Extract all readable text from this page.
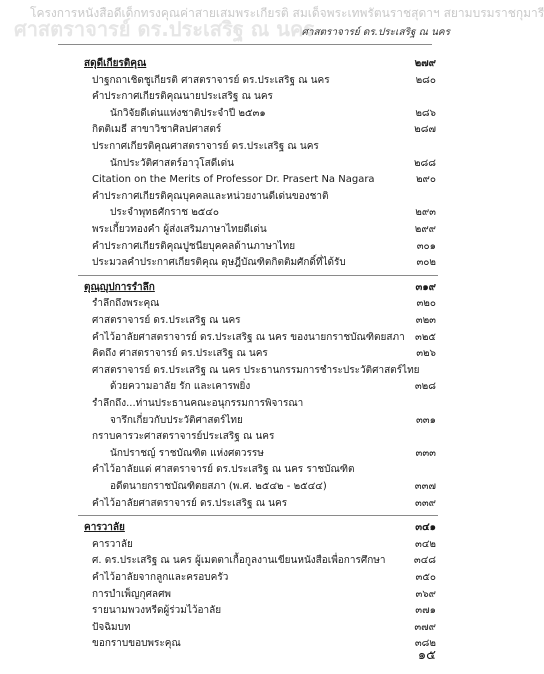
ศาสตราจารย์ ดร.ประเสริฐ ณ นคร
โครงการหนังสือดีเด็กทรงคุณค่าสายเสมพระเกียรติ สมเด็จพระเทพรัตนราชสุดาฯ สยามบรมราชกุมารี
ศาสตราจารย์ ดร.ประเสริฐ ณ นคร
สดุดีเกียรติคุณ	๒๗๙
ปาฐกถาเชิดชูเกียรติ ศาสตราจารย์ ดร.ประเสริฐ ณ นคร	๒๘๐
คำประกาศเกียรติคุณนายประเสริฐ ณ นคร
นักวิจัยดีเด่นแห่งชาติประจำปี ๒๕๓๑	๒๘๖
กิตติเมธี สาขาวิชาศิลปศาสตร์	๒๘๗
ประกาศเกียรติคุณศาสตราจารย์ ดร.ประเสริฐ ณ นคร
นักประวัติศาสตร์อาวุโสดีเด่น	๒๘๘
Citation on the Merits of Professor Dr. Prasert Na Nagara	๒๙๐
คำประกาศเกียรติคุณบุคคลและหน่วยงานดีเด่นของชาติ
ประจำพุทธศักราช ๒๕๔๐	๒๙๓
พระเกี้ยวทองคำ ผู้ส่งเสริมภาษาไทยดีเด่น	๒๙๙
คำประกาศเกียรติคุณปูชนียบุคคลด้านภาษาไทย	๓๐๑
ประมวลคำประกาศเกียรติคุณ ดุษฎีบัณฑิตกิตติมศักดิ์ที่ได้รับ	๓๐๒
ตุณฺญุปการรำลึก	๓๑๙
รำลึกถึงพระคุณ	๓๒๐
ศาสตราจารย์ ดร.ประเสริฐ ณ นคร	๓๒๓
คำไว้อาลัยศาสตราจารย์ ดร.ประเสริฐ ณ นคร ของนายกราชบัณฑิตยสภา ๓๒๕
คิดถึง ศาสตราจารย์ ดร.ประเสริฐ ณ นคร	๓๒๖
ศาสตราจารย์ ดร.ประเสริฐ ณ นคร ประธานกรรมการชำระประวัติศาสตร์ไทย
ด้วยความอาลัย รัก และเคารพยิ่ง	๓๒๘
รำลึกถึง...ท่านประธานคณะอนุกรรมการพิจารณา
จารึกเกี่ยวกับประวัติศาสตร์ไทย	๓๓๑
กราบคารวะศาสตราจารย์ประเสริฐ ณ นคร
นักปราชญ์ ราชบัณฑิต แห่งศตวรรษ	๓๓๓
คำไว้อาลัยแด่ ศาสตราจารย์ ดร.ประเสริฐ ณ นคร ราชบัณฑิต
อดีตนายกราชบัณฑิตยสภา (พ.ศ. ๒๕๔๒ - ๒๕๔๔)	๓๓๗
คำไว้อาลัยศาสตราจารย์ ดร.ประเสริฐ ณ นคร	๓๓๙
คารวาลัย	๓๔๑
คารวาลัย	๓๔๒
ศ. ดร.ประเสริฐ ณ นคร ผู้เมตตาเกื้อกูลงานเขียนหนังสือเพื่อการศึกษา	๓๔๘
คำไว้อาลัยจากลูกและครอบครัว	๓๕๐
การบำเพ็ญกุศลศพ	๓๖๙
รายนามพวงหรีดผู้ร่วมไว้อาลัย	๓๗๑
ปัจฉิมบท	๓๗๙
ขอกราบขอบพระคุณ	๓๘๒
๑๕
